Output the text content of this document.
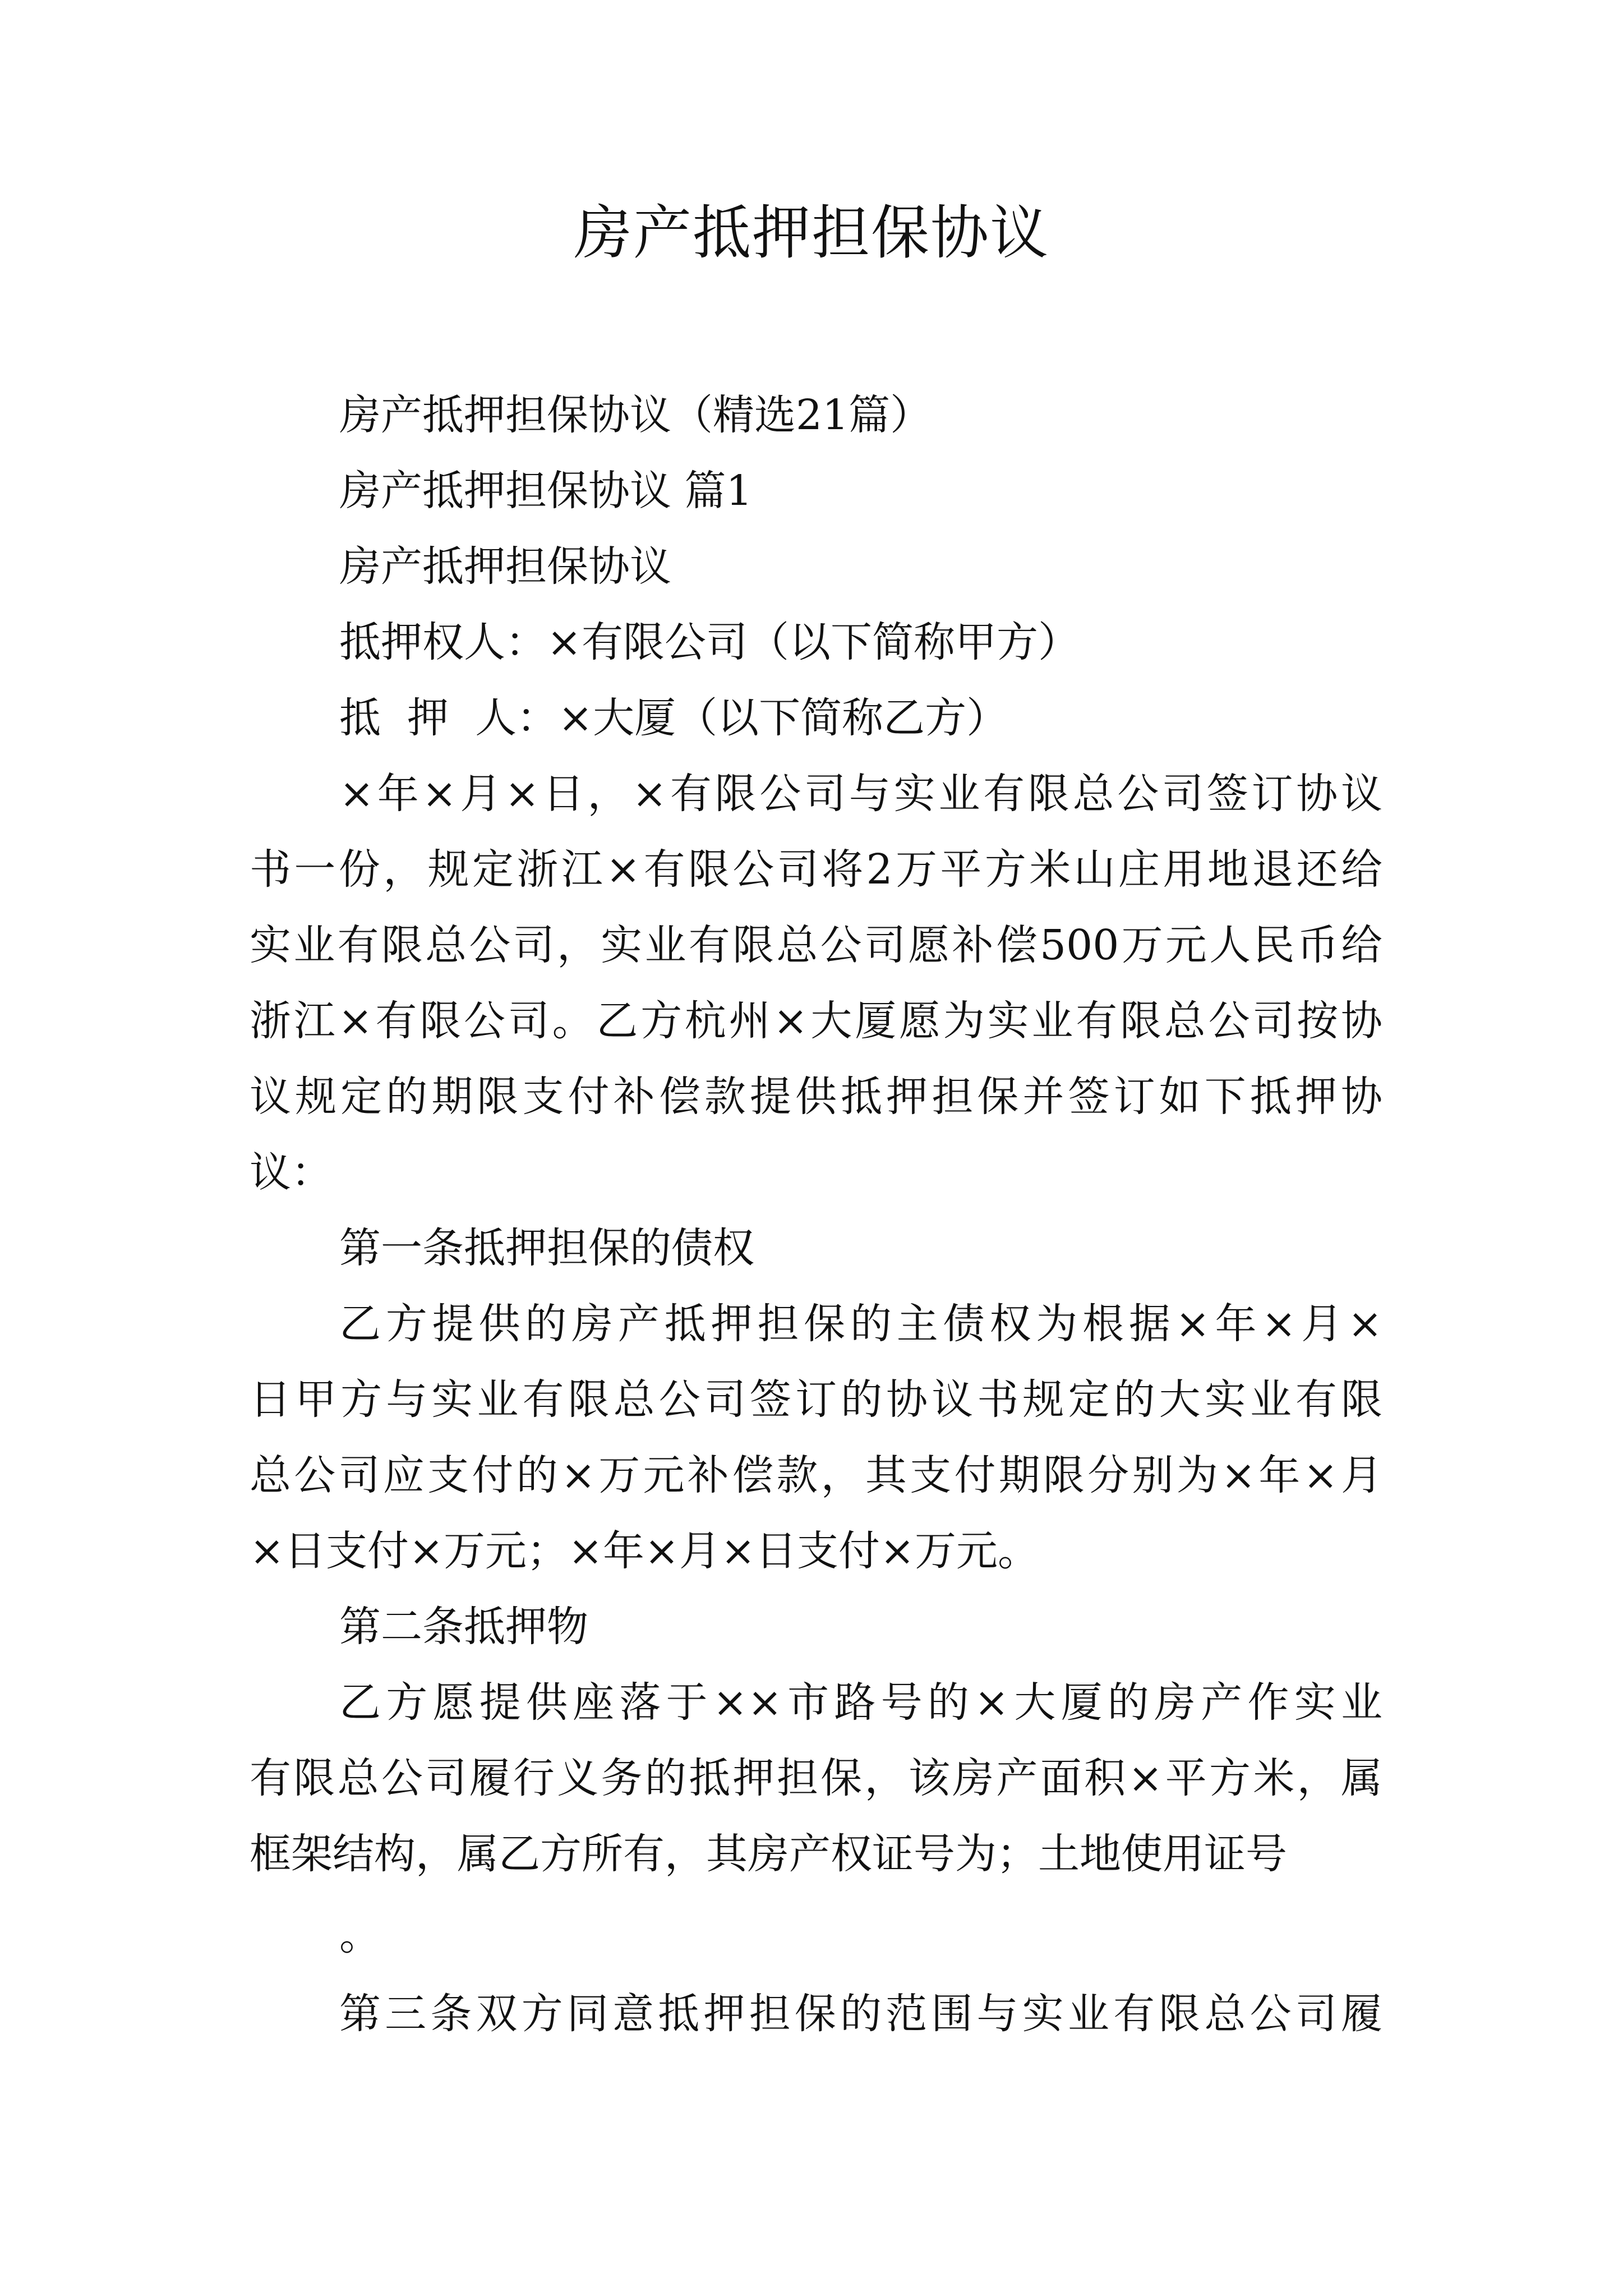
房产抵押担保协议

房产抵押担保协议（精选21篇）

房产抵押担保协议 篇1

房产抵押担保协议

抵押权人：×有限公司（以下简称甲方）

抵  押  人：×大厦（以下简称乙方）

×年×月×日，×有限公司与实业有限总公司签订协议

书一份，规定浙江×有限公司将2万平方米山庄用地退还给

实业有限总公司，实业有限总公司愿补偿500万元人民币给

浙江×有限公司。乙方杭州×大厦愿为实业有限总公司按协

议规定的期限支付补偿款提供抵押担保并签订如下抵押协

议：

第一条抵押担保的债权

乙方提供的房产抵押担保的主债权为根据×年×月×

日甲方与实业有限总公司签订的协议书规定的大实业有限

总公司应支付的×万元补偿款，其支付期限分别为×年×月

×日支付×万元；×年×月×日支付×万元。

第二条抵押物

乙方愿提供座落于××市路号的×大厦的房产作实业

有限总公司履行义务的抵押担保，该房产面积×平方米，属

框架结构，属乙方所有，其房产权证号为；土地使用证号

。

第三条双方同意抵押担保的范围与实业有限总公司履
